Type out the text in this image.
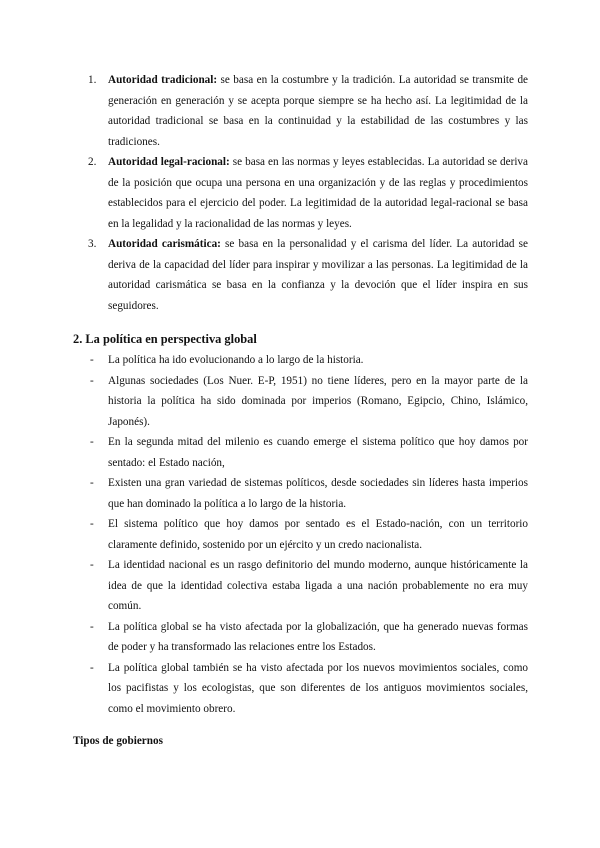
1. Autoridad tradicional: se basa en la costumbre y la tradición. La autoridad se transmite de generación en generación y se acepta porque siempre se ha hecho así. La legitimidad de la autoridad tradicional se basa en la continuidad y la estabilidad de las costumbres y las tradiciones.
2. Autoridad legal-racional: se basa en las normas y leyes establecidas. La autoridad se deriva de la posición que ocupa una persona en una organización y de las reglas y procedimientos establecidos para el ejercicio del poder. La legitimidad de la autoridad legal-racional se basa en la legalidad y la racionalidad de las normas y leyes.
3. Autoridad carismática: se basa en la personalidad y el carisma del líder. La autoridad se deriva de la capacidad del líder para inspirar y movilizar a las personas. La legitimidad de la autoridad carismática se basa en la confianza y la devoción que el líder inspira en sus seguidores.
2. La política en perspectiva global
- La política ha ido evolucionando a lo largo de la historia.
- Algunas sociedades (Los Nuer. E-P, 1951) no tiene líderes, pero en la mayor parte de la historia la política ha sido dominada por imperios (Romano, Egipcio, Chino, Islámico, Japonés).
- En la segunda mitad del milenio es cuando emerge el sistema político que hoy damos por sentado: el Estado nación,
- Existen una gran variedad de sistemas políticos, desde sociedades sin líderes hasta imperios que han dominado la política a lo largo de la historia.
- El sistema político que hoy damos por sentado es el Estado-nación, con un territorio claramente definido, sostenido por un ejército y un credo nacionalista.
- La identidad nacional es un rasgo definitorio del mundo moderno, aunque históricamente la idea de que la identidad colectiva estaba ligada a una nación probablemente no era muy común.
- La política global se ha visto afectada por la globalización, que ha generado nuevas formas de poder y ha transformado las relaciones entre los Estados.
- La política global también se ha visto afectada por los nuevos movimientos sociales, como los pacifistas y los ecologistas, que son diferentes de los antiguos movimientos sociales, como el movimiento obrero.
Tipos de gobiernos
